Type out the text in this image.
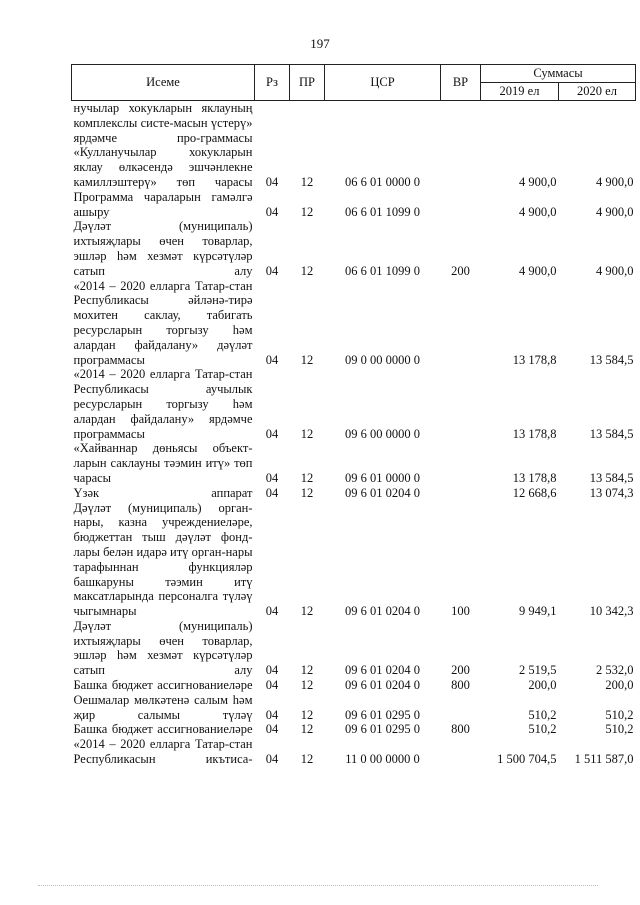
197
Исеме	Рз	ПР	ЦСР	ВР	Суммасы	
					2019 ел	2020 ел
нучылар хокукларын яклауның комплекслы систе-масын үстерү» ярдәмче про-граммасы						
«Кулланучылар хокукларын яклау өлкәсендә эшчәнлекне камиллэштерү» төп чарасы	04	12	06 6 01 0000 0		4 900,0	4 900,0
Программа чараларын гамәлгә ашыру	04	12	06 6 01 1099 0		4 900,0	4 900,0
Дәүләт (муниципаль) ихтыяҗлары өчен товарлар, эшләр һәм хезмәт күрсәтүләр сатып алу	04	12	06 6 01 1099 0	200	4 900,0	4 900,0
«2014 – 2020 елларга Татар-стан Республикасы әйләнә-тирә мохитен саклау, табигать ресурсларын торгызу һәм алардан файдалану» дәүләт программасы	04	12	09 0 00 0000 0		13 178,8	13 584,5
«2014 – 2020 елларга Татар-стан Республикасы аучылык ресурсларын торгызу һәм алардан файдалану» ярдәмче программасы	04	12	09 6 00 0000 0		13 178,8	13 584,5
«Хайваннар дөньясы объект-ларын саклауны тәэмин итү» төп чарасы	04	12	09 6 01 0000 0		13 178,8	13 584,5
Үзәк аппарат	04	12	09 6 01 0204 0		12 668,6	13 074,3
Дәүләт (муниципаль) орган-нары, казна учреждениеләре, бюджеттан тыш дәүләт фонд-лары белән идарә итү орган-нары тарафыннан функцияләр башкаруны тәэмин итү максатларында персоналга түләү чыгымнары	04	12	09 6 01 0204 0	100	9 949,1	10 342,3
Дәүләт (муниципаль) ихтыяҗлары өчен товарлар, эшләр һәм хезмәт күрсәтүләр сатып алу	04	12	09 6 01 0204 0	200	2 519,5	2 532,0
Башка бюджет ассигнованиеләре	04	12	09 6 01 0204 0	800	200,0	200,0
Оешмалар мөлкәтенә салым һәм җир салымы түләү	04	12	09 6 01 0295 0		510,2	510,2
Башка бюджет ассигнованиеләре	04	12	09 6 01 0295 0	800	510,2	510,2
«2014 – 2020 елларга Татар-стан Республикасын икътиса-	04	12	11 0 00 0000 0		1 500 704,5	1 511 587,0
